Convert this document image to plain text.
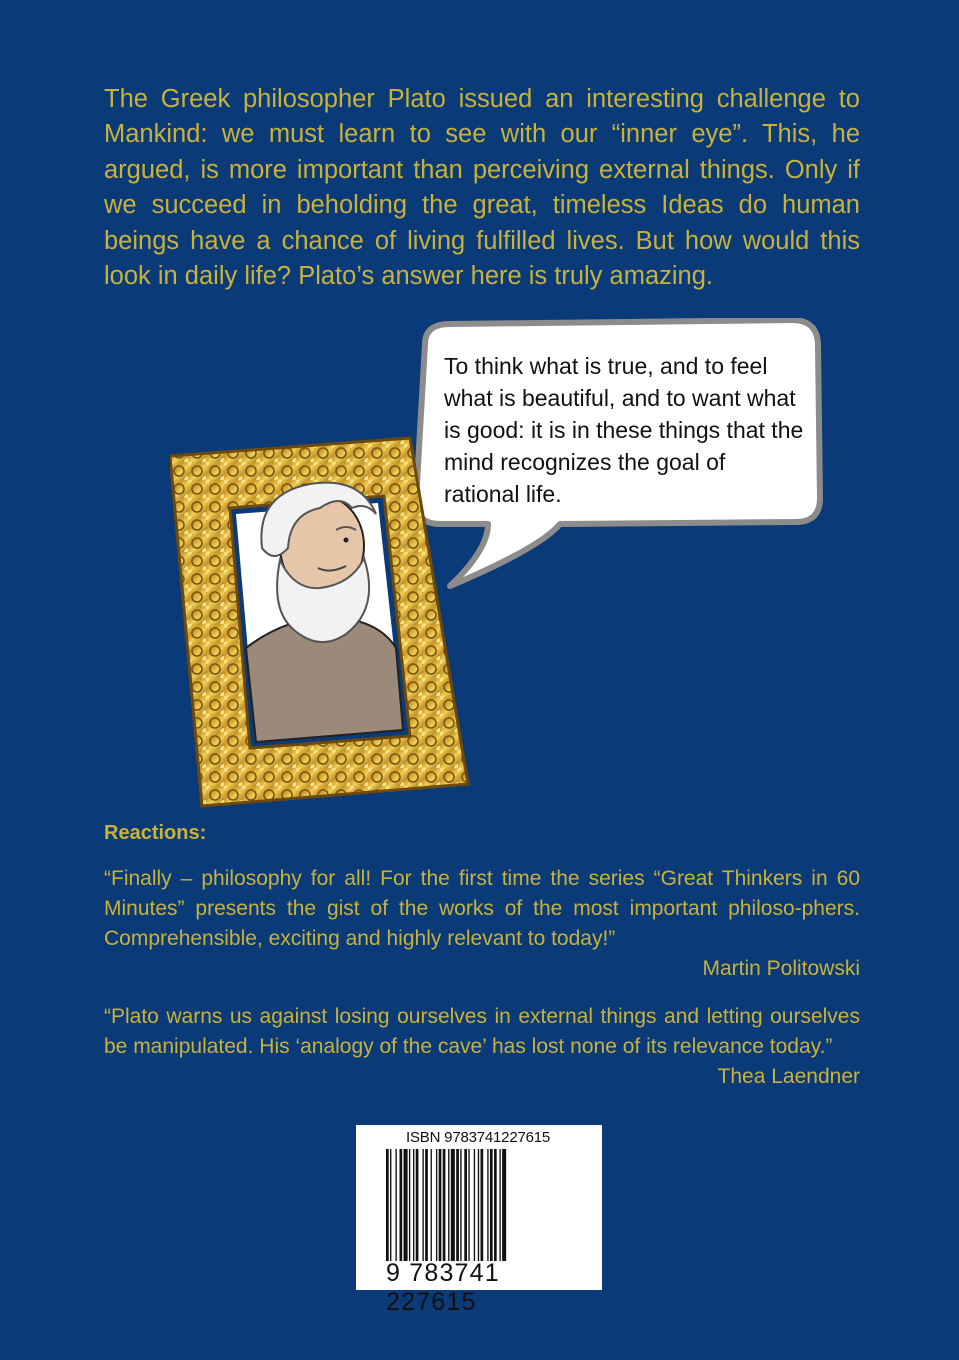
The Greek philosopher Plato issued an interesting challenge to Mankind: we must learn to see with our “inner eye”. This, he argued, is more important than perceiving external things. Only if we succeed in beholding the great, timeless Ideas do human beings have a chance of living fulfilled lives. But how would this look in daily life? Plato’s answer here is truly amazing.

To think what is true, and to feel what is beautiful, and to want what is good: it is in these things that the mind recognizes the goal of rational life.

Reactions:

“Finally – philosophy for all! For the first time the series “Great Thinkers in 60 Minutes” presents the gist of the works of the most important philoso-phers. Comprehensible, exciting and highly relevant to today!”
Martin Politowski

“Plato warns us against losing ourselves in external things and letting ourselves be manipulated. His ‘analogy of the cave’ has lost none of its relevance today.”
Thea Laendner

ISBN 9783741227615
9 783741 227615
